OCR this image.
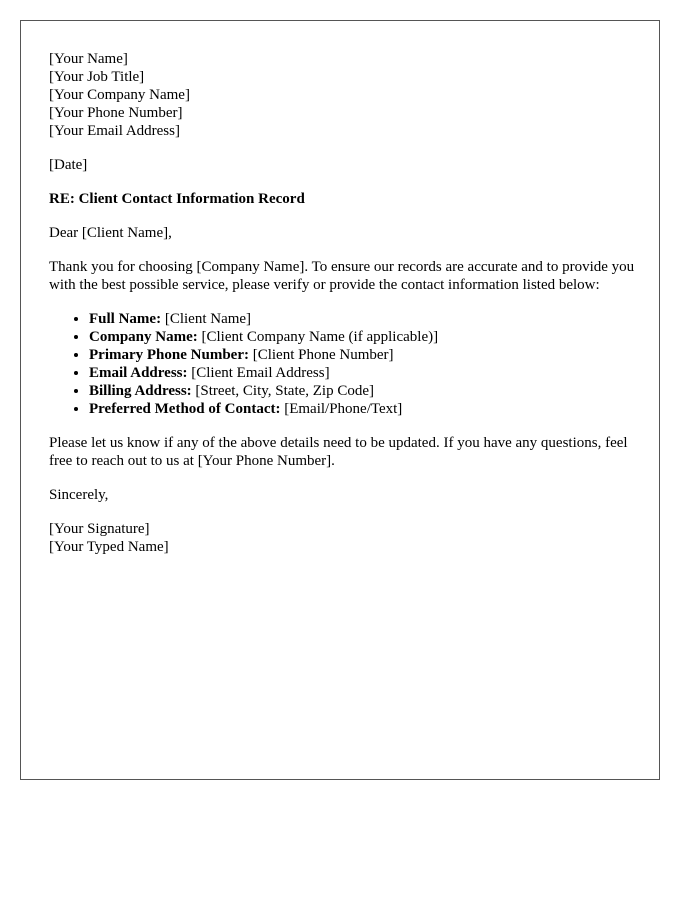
[Your Name]
[Your Job Title]
[Your Company Name]
[Your Phone Number]
[Your Email Address]
[Date]
RE: Client Contact Information Record

Dear [Client Name],

Thank you for choosing [Company Name]. To ensure our records are accurate and to provide you with the best possible service, please verify or provide the contact information listed below:

• Full Name: [Client Name]
• Company Name: [Client Company Name (if applicable)]
• Primary Phone Number: [Client Phone Number]
• Email Address: [Client Email Address]
• Billing Address: [Street, City, State, Zip Code]
• Preferred Method of Contact: [Email/Phone/Text]

Please let us know if any of the above details need to be updated. If you have any questions, feel free to reach out to us at [Your Phone Number].

Sincerely,

[Your Signature]
[Your Typed Name]
